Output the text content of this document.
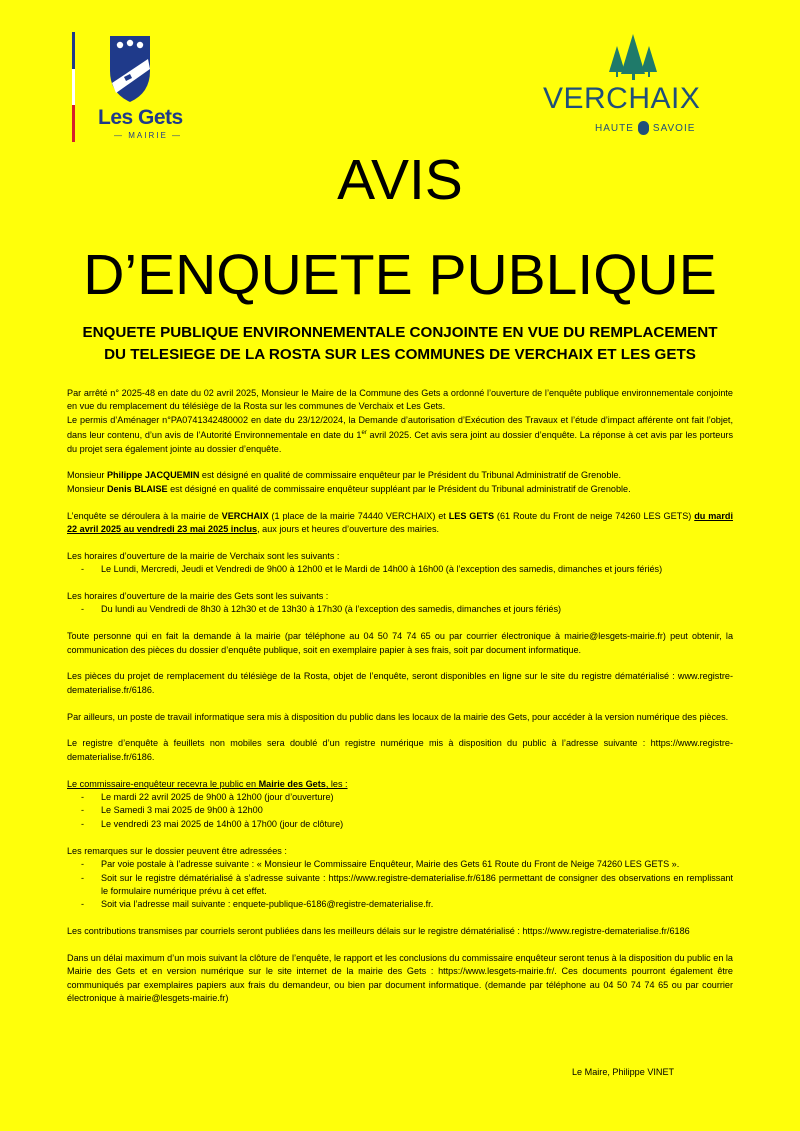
Les Gets
— MAIRIE —
VERCHAIX
HAUTE SAVOIE
AVIS
D’ENQUETE PUBLIQUE
ENQUETE PUBLIQUE ENVIRONNEMENTALE CONJOINTE EN VUE DU REMPLACEMENT
DU TELESIEGE DE LA ROSTA SUR LES COMMUNES DE VERCHAIX ET LES GETS

Par arrêté n° 2025-48 en date du 02 avril 2025, Monsieur le Maire de la Commune des Gets a ordonné l’ouverture de l’enquête publique environnementale conjointe en vue du remplacement du télésiège de la Rosta sur les communes de Verchaix et Les Gets.

Le permis d’Aménager n°PA0741342480002 en date du 23/12/2024, la Demande d’autorisation d’Exécution des Travaux et l’étude d’impact afférente ont fait l’objet, dans leur contenu, d’un avis de l’Autorité Environnementale en date du 1er avril 2025. Cet avis sera joint au dossier d’enquête. La réponse à cet avis par les porteurs du projet sera également jointe au dossier d’enquête.

Monsieur Philippe JACQUEMIN est désigné en qualité de commissaire enquêteur par le Président du Tribunal Administratif de Grenoble.

Monsieur Denis BLAISE est désigné en qualité de commissaire enquêteur suppléant par le Président du Tribunal administratif de Grenoble.

L’enquête se déroulera à la mairie de VERCHAIX (1 place de la mairie 74440 VERCHAIX) et LES GETS (61 Route du Front de neige 74260 LES GETS) du mardi 22 avril 2025 au vendredi 23 mai 2025 inclus, aux jours et heures d’ouverture des mairies.

Les horaires d’ouverture de la mairie de Verchaix sont les suivants :

- Le Lundi, Mercredi, Jeudi et Vendredi de 9h00 à 12h00 et le Mardi de 14h00 à 16h00 (à l’exception des samedis, dimanches et jours fériés)

Les horaires d’ouverture de la mairie des Gets sont les suivants :

- Du lundi au Vendredi de 8h30 à 12h30 et de 13h30 à 17h30 (à l’exception des samedis, dimanches et jours fériés)

Toute personne qui en fait la demande à la mairie (par téléphone au 04 50 74 74 65 ou par courrier électronique à mairie@lesgets-mairie.fr) peut obtenir, la communication des pièces du dossier d’enquête publique, soit en exemplaire papier à ses frais, soit par document informatique.

Les pièces du projet de remplacement du télésiège de la Rosta, objet de l’enquête, seront disponibles en ligne sur le site du registre dématérialisé : www.registre-dematerialise.fr/6186.

Par ailleurs, un poste de travail informatique sera mis à disposition du public dans les locaux de la mairie des Gets, pour accéder à la version numérique des pièces.

Le registre d’enquête à feuillets non mobiles sera doublé d’un registre numérique mis à disposition du public à l’adresse suivante : https://www.registre-dematerialise.fr/6186.

Le commissaire-enquêteur recevra le public en Mairie des Gets, les :

- Le mardi 22 avril 2025 de 9h00 à 12h00 (jour d’ouverture)

- Le Samedi 3 mai 2025 de 9h00 à 12h00

- Le vendredi 23 mai 2025 de 14h00 à 17h00 (jour de clôture)

Les remarques sur le dossier peuvent être adressées :

- Par voie postale à l’adresse suivante : « Monsieur le Commissaire Enquêteur, Mairie des Gets 61 Route du Front de Neige 74260 LES GETS ».

- Soit sur le registre dématérialisé à s’adresse suivante : https://www.registre-dematerialise.fr/6186 permettant de consigner des observations en remplissant le formulaire numérique prévu à cet effet.

- Soit via l’adresse mail suivante : enquete-publique-6186@registre-dematerialise.fr.

Les contributions transmises par courriels seront publiées dans les meilleurs délais sur le registre dématérialisé : https://www.registre-dematerialise.fr/6186

Dans un délai maximum d’un mois suivant la clôture de l’enquête, le rapport et les conclusions du commissaire enquêteur seront tenus à la disposition du public en la Mairie des Gets et en version numérique sur le site internet de la mairie des Gets : https://www.lesgets-mairie.fr/. Ces documents pourront également être communiqués par exemplaires papiers aux frais du demandeur, ou bien par document informatique. (demande par téléphone au 04 50 74 74 65 ou par courrier électronique à mairie@lesgets-mairie.fr)

Le Maire, Philippe VINET
